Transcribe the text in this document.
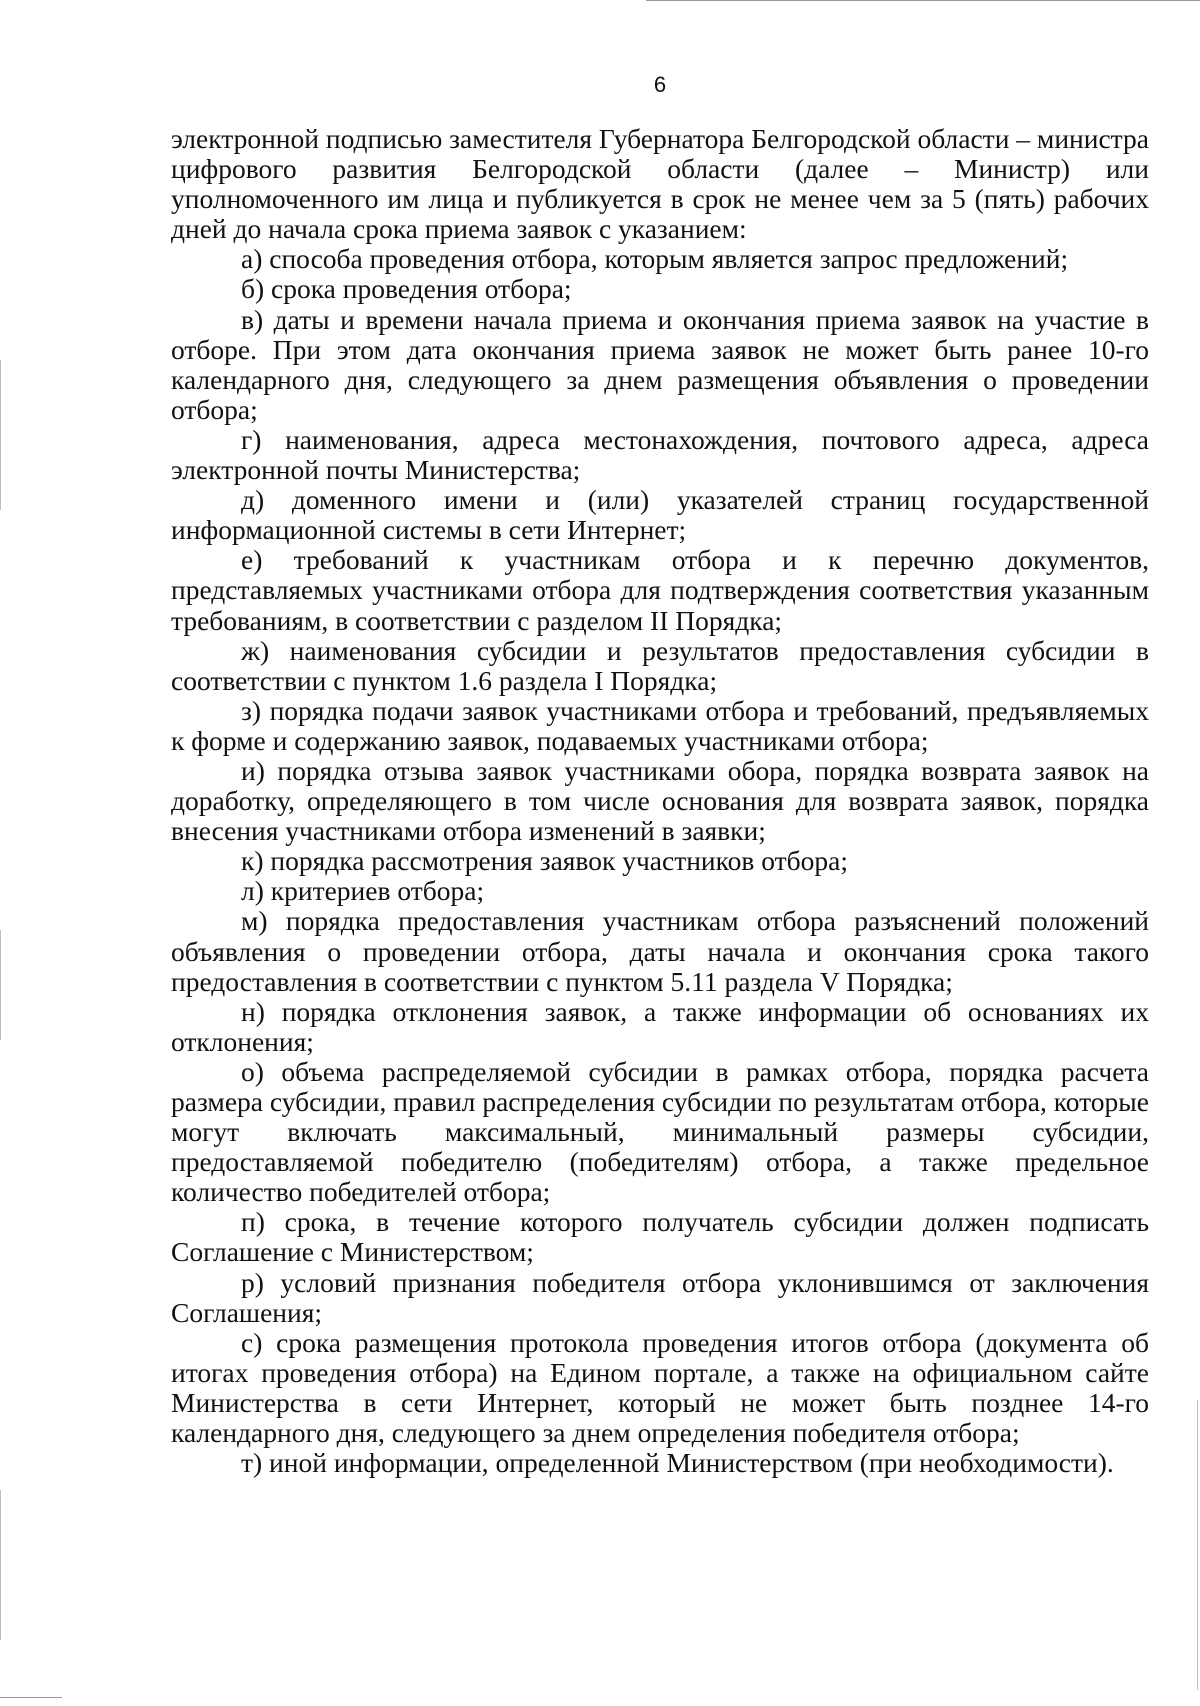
6

электронной подписью заместителя Губернатора Белгородской области – министра цифрового развития Белгородской области (далее – Министр) или уполномоченного им лица и публикуется в срок не менее чем за 5 (пять) рабочих дней до начала срока приема заявок с указанием:

а) способа проведения отбора, которым является запрос предложений;

б) срока проведения отбора;

в) даты и времени начала приема и окончания приема заявок на участие в отборе. При этом дата окончания приема заявок не может быть ранее 10-го календарного дня, следующего за днем размещения объявления о проведении отбора;

г) наименования, адреса местонахождения, почтового адреса, адреса электронной почты Министерства;

д) доменного имени и (или) указателей страниц государственной информационной системы в сети Интернет;

е) требований к участникам отбора и к перечню документов, представляемых участниками отбора для подтверждения соответствия указанным требованиям, в соответствии с разделом II Порядка;

ж) наименования субсидии и результатов предоставления субсидии в соответствии с пунктом 1.6 раздела I Порядка;

з) порядка подачи заявок участниками отбора и требований, предъявляемых к форме и содержанию заявок, подаваемых участниками отбора;

и) порядка отзыва заявок участниками обора, порядка возврата заявок на доработку, определяющего в том числе основания для возврата заявок, порядка внесения участниками отбора изменений в заявки;

к) порядка рассмотрения заявок участников отбора;

л) критериев отбора;

м) порядка предоставления участникам отбора разъяснений положений объявления о проведении отбора, даты начала и окончания срока такого предоставления в соответствии с пунктом 5.11 раздела V Порядка;

н) порядка отклонения заявок, а также информации об основаниях их отклонения;

о) объема распределяемой субсидии в рамках отбора, порядка расчета размера субсидии, правил распределения субсидии по результатам отбора, которые могут включать максимальный, минимальный размеры субсидии, предоставляемой победителю (победителям) отбора, а также предельное количество победителей отбора;

п) срока, в течение которого получатель субсидии должен подписать Соглашение с Министерством;

р) условий признания победителя отбора уклонившимся от заключения Соглашения;

с) срока размещения протокола проведения итогов отбора (документа об итогах проведения отбора) на Едином портале, а также на официальном сайте Министерства в сети Интернет, который не может быть позднее 14-го календарного дня, следующего за днем определения победителя отбора;

т) иной информации, определенной Министерством (при необходимости).
